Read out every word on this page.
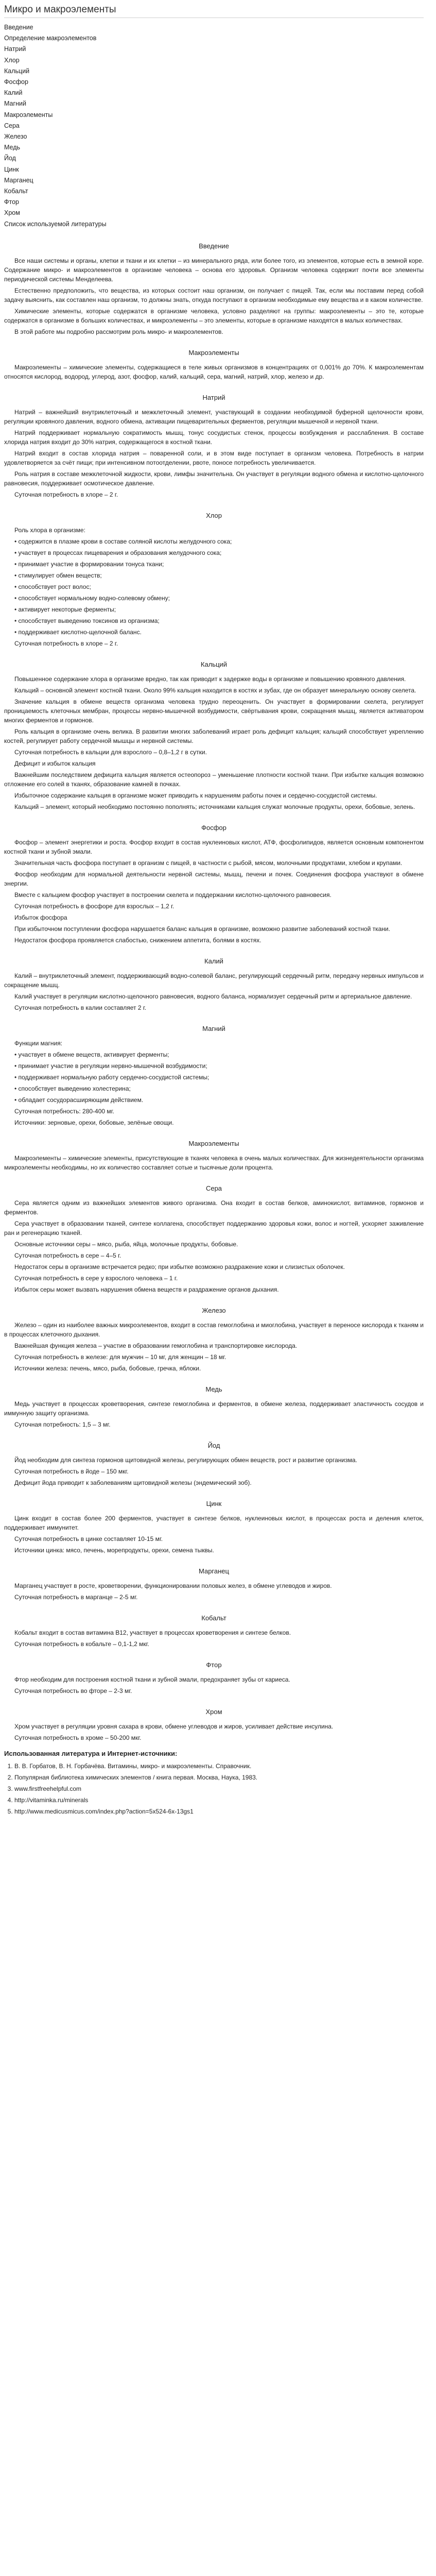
Микро и макроэлементы
Введение
Определение макроэлементов
Натрий
Хлор
Кальций
Фосфор
Калий
Магний
Макроэлементы
Сера
Железо
Медь
Йод
Цинк
Марганец
Кобальт
Фтор
Хром
Список используемой литературы
Введение

Все наши системы и органы, клетки и ткани и их клетки – из минерального ряда, или более того, из элементов, которые есть в земной коре. Содержание микро- и макроэлементов в организме человека – основа его здоровья. Организм человека содержит почти все элементы периодической системы Менделеева.

Естественно предположить, что вещества, из которых состоит наш организм, он получает с пищей. Так, если мы поставим перед собой задачу выяснить, как составлен наш организм, то должны знать, откуда поступают в организм необходимые ему вещества и в каком количестве.

Химические элементы, которые содержатся в организме человека, условно разделяют на группы: макроэлементы – это те, которые содержатся в организме в больших количествах, и микроэлементы – это элементы, которые в организме находятся в малых количествах.

В этой работе мы подробно рассмотрим роль микро- и макроэлементов.

Макроэлементы

Макроэлементы – химические элементы, содержащиеся в теле живых организмов в концентрациях от 0,001% до 70%. К макроэлементам относятся кислород, водород, углерод, азот, фосфор, калий, кальций, сера, магний, натрий, хлор, железо и др.

Натрий

Натрий – важнейший внутриклеточный и межклеточный элемент, участвующий в создании необходимой буферной щелочности крови, регуляции кровяного давления, водного обмена, активации пищеварительных ферментов, регуляции мышечной и нервной ткани.

Натрий поддерживает нормальную сократимость мышц, тонус сосудистых стенок, процессы возбуждения и расслабления. В составе хлорида натрия входит до 30% натрия, содержащегося в костной ткани.

Натрий входит в состав хлорида натрия – поваренной соли, и в этом виде поступает в организм человека. Потребность в натрии удовлетворяется за счёт пищи; при интенсивном потоотделении, рвоте, поносе потребность увеличивается.

Роль натрия в составе межклеточной жидкости, крови, лимфы значительна. Он участвует в регуляции водного обмена и кислотно-щелочного равновесия, поддерживает осмотическое давление.

Суточная потребность в хлоре – 2 г.

Хлор

Роль хлора в организме:

• содержится в плазме крови в составе соляной кислоты желудочного сока;

• участвует в процессах пищеварения и образования желудочного сока;

• принимает участие в формировании тонуса ткани;

• стимулирует обмен веществ;

• способствует рост волос;

• способствует нормальному водно-солевому обмену;

• активирует некоторые ферменты;

• способствует выведению токсинов из организма;

• поддерживает кислотно-щелочной баланс.

Суточная потребность в хлоре – 2 г.

Кальций

Повышенное содержание хлора в организме вредно, так как приводит к задержке воды в организме и повышению кровяного давления.

Кальций – основной элемент костной ткани. Около 99% кальция находится в костях и зубах, где он образует минеральную основу скелета.

Значение кальция в обмене веществ организма человека трудно переоценить. Он участвует в формировании скелета, регулирует проницаемость клеточных мембран, процессы нервно-мышечной возбудимости, свёртывания крови, сокращения мышц, является активатором многих ферментов и гормонов.

Роль кальция в организме очень велика. В развитии многих заболеваний играет роль дефицит кальция; кальций способствует укреплению костей, регулирует работу сердечной мышцы и нервной системы.

Суточная потребность в кальции для взрослого – 0,8–1,2 г в сутки.

Дефицит и избыток кальция

Важнейшим последствием дефицита кальция является остеопороз – уменьшение плотности костной ткани. При избытке кальция возможно отложение его солей в тканях, образование камней в почках.

Избыточное содержание кальция в организме может приводить к нарушениям работы почек и сердечно-сосудистой системы.

Кальций – элемент, который необходимо постоянно пополнять; источниками кальция служат молочные продукты, орехи, бобовые, зелень.

Фосфор

Фосфор – элемент энергетики и роста. Фосфор входит в состав нуклеиновых кислот, АТФ, фосфолипидов, является основным компонентом костной ткани и зубной эмали.

Значительная часть фосфора поступает в организм с пищей, в частности с рыбой, мясом, молочными продуктами, хлебом и крупами.

Фосфор необходим для нормальной деятельности нервной системы, мышц, печени и почек. Соединения фосфора участвуют в обмене энергии.

Вместе с кальцием фосфор участвует в построении скелета и поддержании кислотно-щелочного равновесия.

Суточная потребность в фосфоре для взрослых – 1,2 г.

Избыток фосфора

При избыточном поступлении фосфора нарушается баланс кальция в организме, возможно развитие заболеваний костной ткани.

Недостаток фосфора проявляется слабостью, снижением аппетита, болями в костях.

Калий

Калий – внутриклеточный элемент, поддерживающий водно-солевой баланс, регулирующий сердечный ритм, передачу нервных импульсов и сокращение мышц.

Калий участвует в регуляции кислотно-щелочного равновесия, водного баланса, нормализует сердечный ритм и артериальное давление.

Суточная потребность в калии составляет 2 г.

Магний

Функции магния:

• участвует в обмене веществ, активирует ферменты;

• принимает участие в регуляции нервно-мышечной возбудимости;

• поддерживает нормальную работу сердечно-сосудистой системы;

• способствует выведению холестерина;

• обладает сосудорасширяющим действием.

Суточная потребность: 280-400 мг.

Источники: зерновые, орехи, бобовые, зелёные овощи.

Макроэлементы

Макроэлементы – химические элементы, присутствующие в тканях человека в очень малых количествах. Для жизнедеятельности организма микроэлементы необходимы, но их количество составляет сотые и тысячные доли процента.

Сера

Сера является одним из важнейших элементов живого организма. Она входит в состав белков, аминокислот, витаминов, гормонов и ферментов.

Сера участвует в образовании тканей, синтезе коллагена, способствует поддержанию здоровья кожи, волос и ногтей, ускоряет заживление ран и регенерацию тканей.

Основные источники серы – мясо, рыба, яйца, молочные продукты, бобовые.

Суточная потребность в сере – 4–5 г.

Недостаток серы в организме встречается редко; при избытке возможно раздражение кожи и слизистых оболочек.

Суточная потребность в сере у взрослого человека – 1 г.

Избыток серы может вызвать нарушения обмена веществ и раздражение органов дыхания.

Железо

Железо – один из наиболее важных микроэлементов, входит в состав гемоглобина и миоглобина, участвует в переносе кислорода к тканям и в процессах клеточного дыхания.

Важнейшая функция железа – участие в образовании гемоглобина и транспортировке кислорода.

Суточная потребность в железе: для мужчин – 10 мг, для женщин – 18 мг.

Источники железа: печень, мясо, рыба, бобовые, гречка, яблоки.

Медь

Медь участвует в процессах кроветворения, синтезе гемоглобина и ферментов, в обмене железа, поддерживает эластичность сосудов и иммунную защиту организма.

Суточная потребность: 1,5 – 3 мг.

Йод

Йод необходим для синтеза гормонов щитовидной железы, регулирующих обмен веществ, рост и развитие организма.

Суточная потребность в йоде – 150 мкг.

Дефицит йода приводит к заболеваниям щитовидной железы (эндемический зоб).

Цинк

Цинк входит в состав более 200 ферментов, участвует в синтезе белков, нуклеиновых кислот, в процессах роста и деления клеток, поддерживает иммунитет.

Суточная потребность в цинке составляет 10-15 мг.

Источники цинка: мясо, печень, морепродукты, орехи, семена тыквы.

Марганец

Марганец участвует в росте, кроветворении, функционировании половых желез, в обмене углеводов и жиров.

Суточная потребность в марганце – 2-5 мг.

Кобальт

Кобальт входит в состав витамина B12, участвует в процессах кроветворения и синтезе белков.

Суточная потребность в кобальте – 0,1-1,2 мкг.

Фтор

Фтор необходим для построения костной ткани и зубной эмали, предохраняет зубы от кариеса.

Суточная потребность во фторе – 2-3 мг.

Хром

Хром участвует в регуляции уровня сахара в крови, обмене углеводов и жиров, усиливает действие инсулина.

Суточная потребность в хроме – 50-200 мкг.

Использованная литература и Интернет-источники:
1. В. В. Горбатов, В. Н. Горбачёва. Витамины, микро- и макроэлементы. Справочник.
2. Популярная библиотека химических элементов / книга первая. Москва, Наука, 1983.
3. www.firstfreehelpful.com
4. http://vitaminka.ru/minerals
5. http://www.medicusmicus.com/index.php?action=5x524-6x-13gs1
